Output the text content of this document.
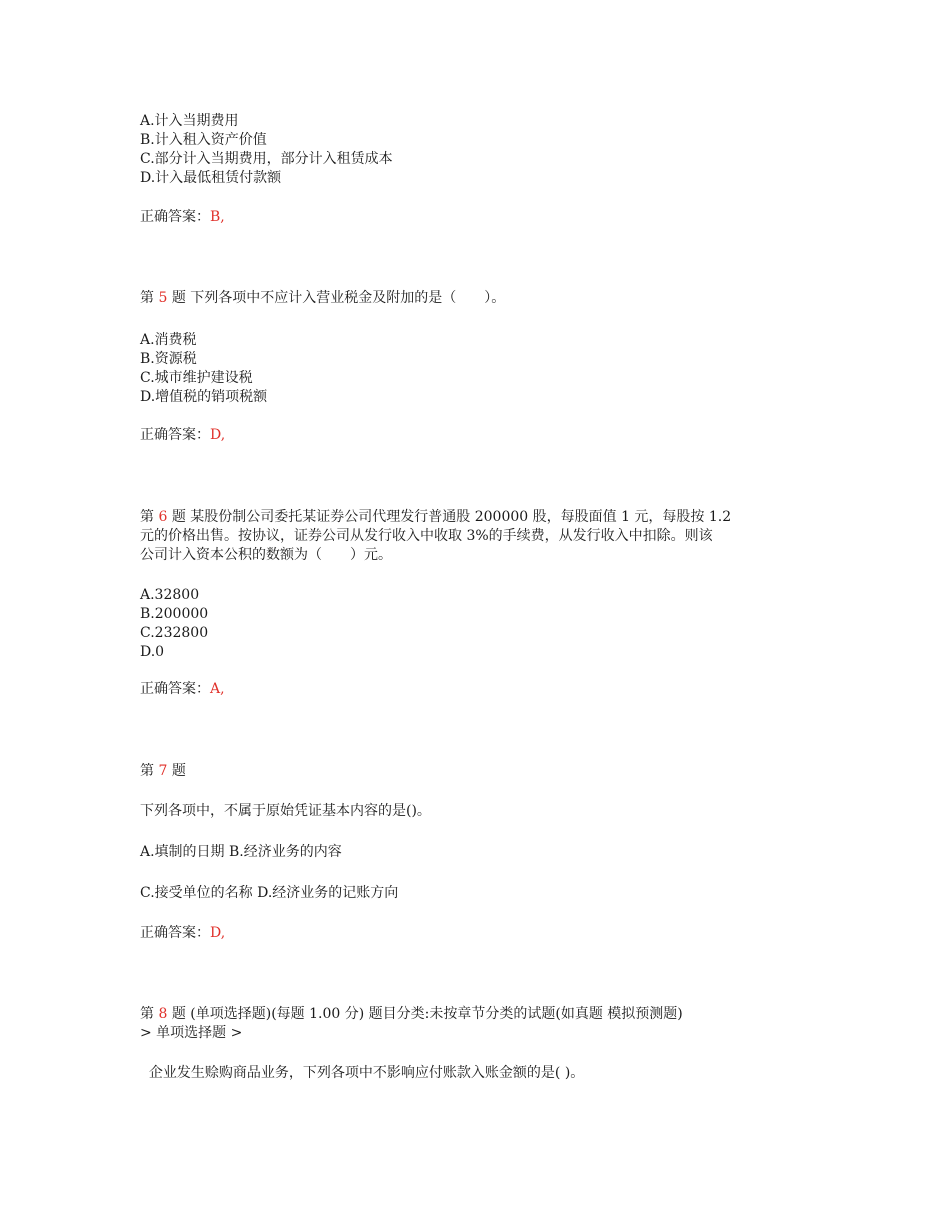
A.计入当期费用
B.计入租入资产价值
C.部分计入当期费用，部分计入租赁成本
D.计入最低租赁付款额
正确答案：B,
第 5 题 下列各项中不应计入营业税金及附加的是（　　）。
A.消费税
B.资源税
C.城市维护建设税
D.增值税的销项税额
正确答案：D,
第 6 题 某股份制公司委托某证券公司代理发行普通股 200000 股，每股面值 1 元，每股按 1.2
元的价格出售。按协议，证券公司从发行收入中收取 3%的手续费，从发行收入中扣除。则该
公司计入资本公积的数额为（　　）元。
A.32800
B.200000
C.232800
D.0
正确答案：A,
第 7 题
下列各项中，不属于原始凭证基本内容的是()。
A.填制的日期 B.经济业务的内容
C.接受单位的名称 D.经济业务的记账方向
正确答案：D,
第 8 题 (单项选择题)(每题 1.00 分) 题目分类:未按章节分类的试题(如真题 模拟预测题)
> 单项选择题 >
企业发生赊购商品业务，下列各项中不影响应付账款入账金额的是( )。
